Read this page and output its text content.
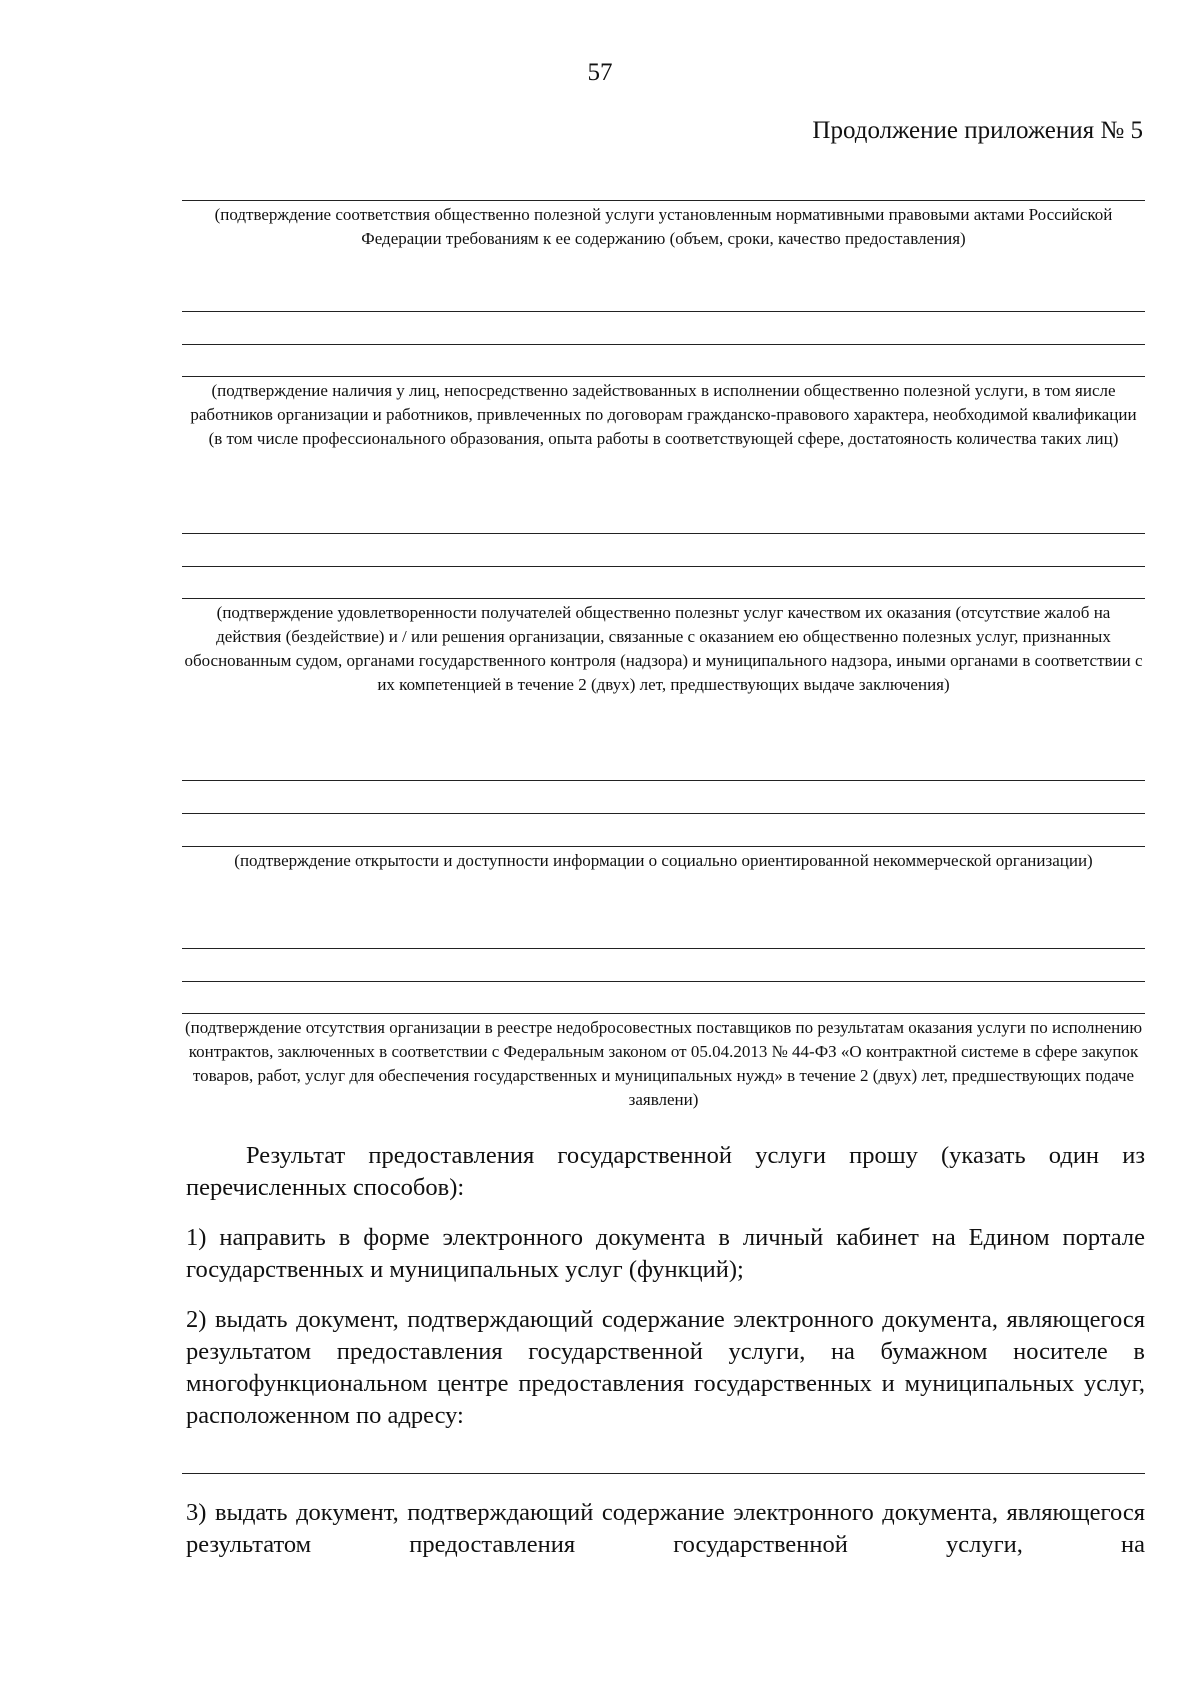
57
Продолжение приложения № 5
(подтверждение соответствия общественно полезной услуги установленным нормативными правовыми актами Российской Федерации требованиям к ее содержанию (объем, сроки, качество предоставления)
(подтверждение наличия у лиц, непосредственно задействованных в исполнении общественно полезной услуги, в том яисле работников организации и работников, привлеченных по договорам гражданско-правового характера, необходимой квалификации (в том числе профессионального образования, опыта работы в соответствующей сфере, достатояность количества таких лиц)
(подтверждение удовлетворенности получателей общественно полезньт услуг качеством их оказания (отсутствие жалоб на действия (бездействие) и / или решения организации, связанные с оказанием ею общественно полезных услуг, признанных обоснованным судом, органами государственного контроля (надзора) и муниципального надзора, иными органами в соответствии с их компетенцией в течение 2 (двух) лет, предшествующих выдаче заключения)
(подтверждение открытости и доступности информации о социально ориентированной некоммерческой организации)
(подтверждение отсутствия организации в реестре недобросовестных поставщиков по результатам оказания услуги по исполнению контрактов, заключенных в соответствии с Федеральным законом от 05.04.2013 № 44-ФЗ «О контрактной системе в сфере закупок товаров, работ, услуг для обеспечения государственных и муниципальных нужд» в течение 2 (двух) лет, предшествующих подаче заявлени)
Результат предоставления государственной услуги прошу (указать один из перечисленных способов):
1) направить в форме электронного документа в личный кабинет на Едином портале государственных и муниципальных услуг (функций);
2) выдать документ, подтверждающий содержание электронного документа, являющегося результатом предоставления государственной услуги, на бумажном носителе в многофункциональном центре предоставления государственных и муниципальных услуг, расположенном по адресу:
3) выдать документ, подтверждающий содержание электронного документа, являющегося результатом предоставления государственной услуги, на
